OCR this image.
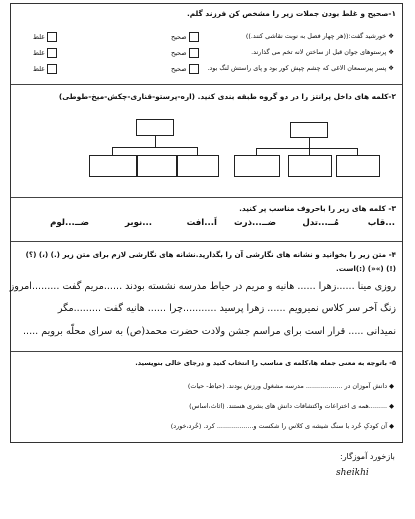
۱-صحیح و غلط بودن جملات زیر را مشخص کن فرزند گلم.
❖ خورشید گفت:((هر چهار فصل به نوبت نقاشی کنند.))
صحیح
غلط
❖ پرستوهای جوان قبل از ساختن لانه تخم می گذارند.
صحیح
غلط
❖ پسر پیرسمعان الاغی که چشم چپش کور بود و پای راستش لنگ بود.
صحیح
غلط
۲-کلمه های داخل پرانتز را در دو گروه طبقه بندی کنید. (اره-پرستو-قناری-چکش-میخ-طوطی)
۳- کلمه های زیر را باحروف مناسب پر کنید.
...قاب
مُــ...تدل
ضــ...ذرت
اَ...افت
...نوبر
ضــ...لوم
۴- متن زیر را بخوانید و نشانه های نگارشی آن را بگذارید.نشانه های نگارشی لازم برای متن زیر (.) (،) (؟) (!) (»«) (:)است.
روزی مینا ......زهرا ...... هانیه و مریم در حیاط مدرسه نشسته بودند ......مریم گفت .........امروز
زنگ آخر سر کلاس نمیرویم ...... زهرا پرسید ...........چرا ...... هانیه گفت .........مگر
نمیدانی ..... قرار است برای مراسم جشن ولادت حضرت محمد(ص) به سرای محلّه برویم .....
۵- باتوجه به معنی جمله ها،کلمه ی مناسب را انتخاب کنید و درجای خالی بنویسید.
◆ دانش آموزان در .................. مدرسه مشغول ورزش بودند. (حیاط- حیات)
◆ .........همه ی اختراعات واکتشافات دانش های بشری هستند. (اثاث،اساس)
◆ آن کودکِ خُرد با سنگ شیشه ی کلاس را شکست و.................. کرد. (خُرد،خورد)
بازخورد آموزگار:
sheikhi
